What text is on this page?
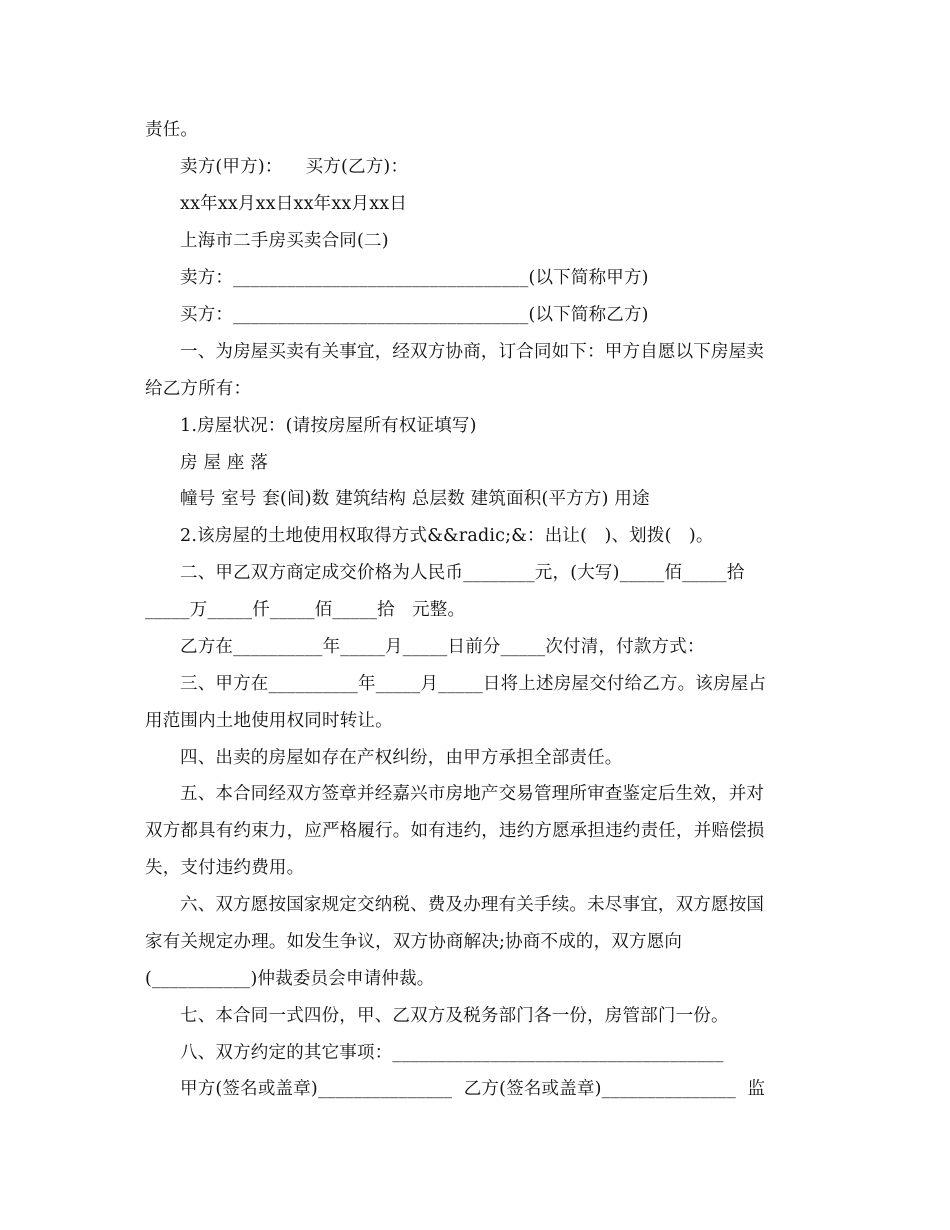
责任。
卖方(甲方)：    买方(乙方)：
xx年xx月xx日xx年xx月xx日
上海市二手房买卖合同(二)
卖方：_________________________________(以下简称甲方)
买方：_________________________________(以下简称乙方)
一、为房屋买卖有关事宜，经双方协商，订合同如下：甲方自愿以下房屋卖
给乙方所有：
1.房屋状况：(请按房屋所有权证填写)
房 屋 座 落
幢号 室号 套(间)数 建筑结构 总层数 建筑面积(平方方) 用途
2.该房屋的土地使用权取得方式&&radic;&：出让(   )、划拨(   )。
二、甲乙双方商定成交价格为人民币________元，(大写)_____佰_____拾
_____万_____仟_____佰_____拾   元整。
乙方在__________年_____月_____日前分_____次付清，付款方式：
三、甲方在__________年_____月_____日将上述房屋交付给乙方。该房屋占
用范围内土地使用权同时转让。
四、出卖的房屋如存在产权纠纷，由甲方承担全部责任。
五、本合同经双方签章并经嘉兴市房地产交易管理所审查鉴定后生效，并对
双方都具有约束力，应严格履行。如有违约，违约方愿承担违约责任，并赔偿损
失，支付违约费用。
六、双方愿按国家规定交纳税、费及办理有关手续。未尽事宜，双方愿按国
家有关规定办理。如发生争议，双方协商解决;协商不成的，双方愿向
(___________)仲裁委员会申请仲裁。
七、本合同一式四份，甲、乙双方及税务部门各一份，房管部门一份。
八、双方约定的其它事项：_____________________________________
甲方(签名或盖章)_______________  乙方(签名或盖章)_______________  监
